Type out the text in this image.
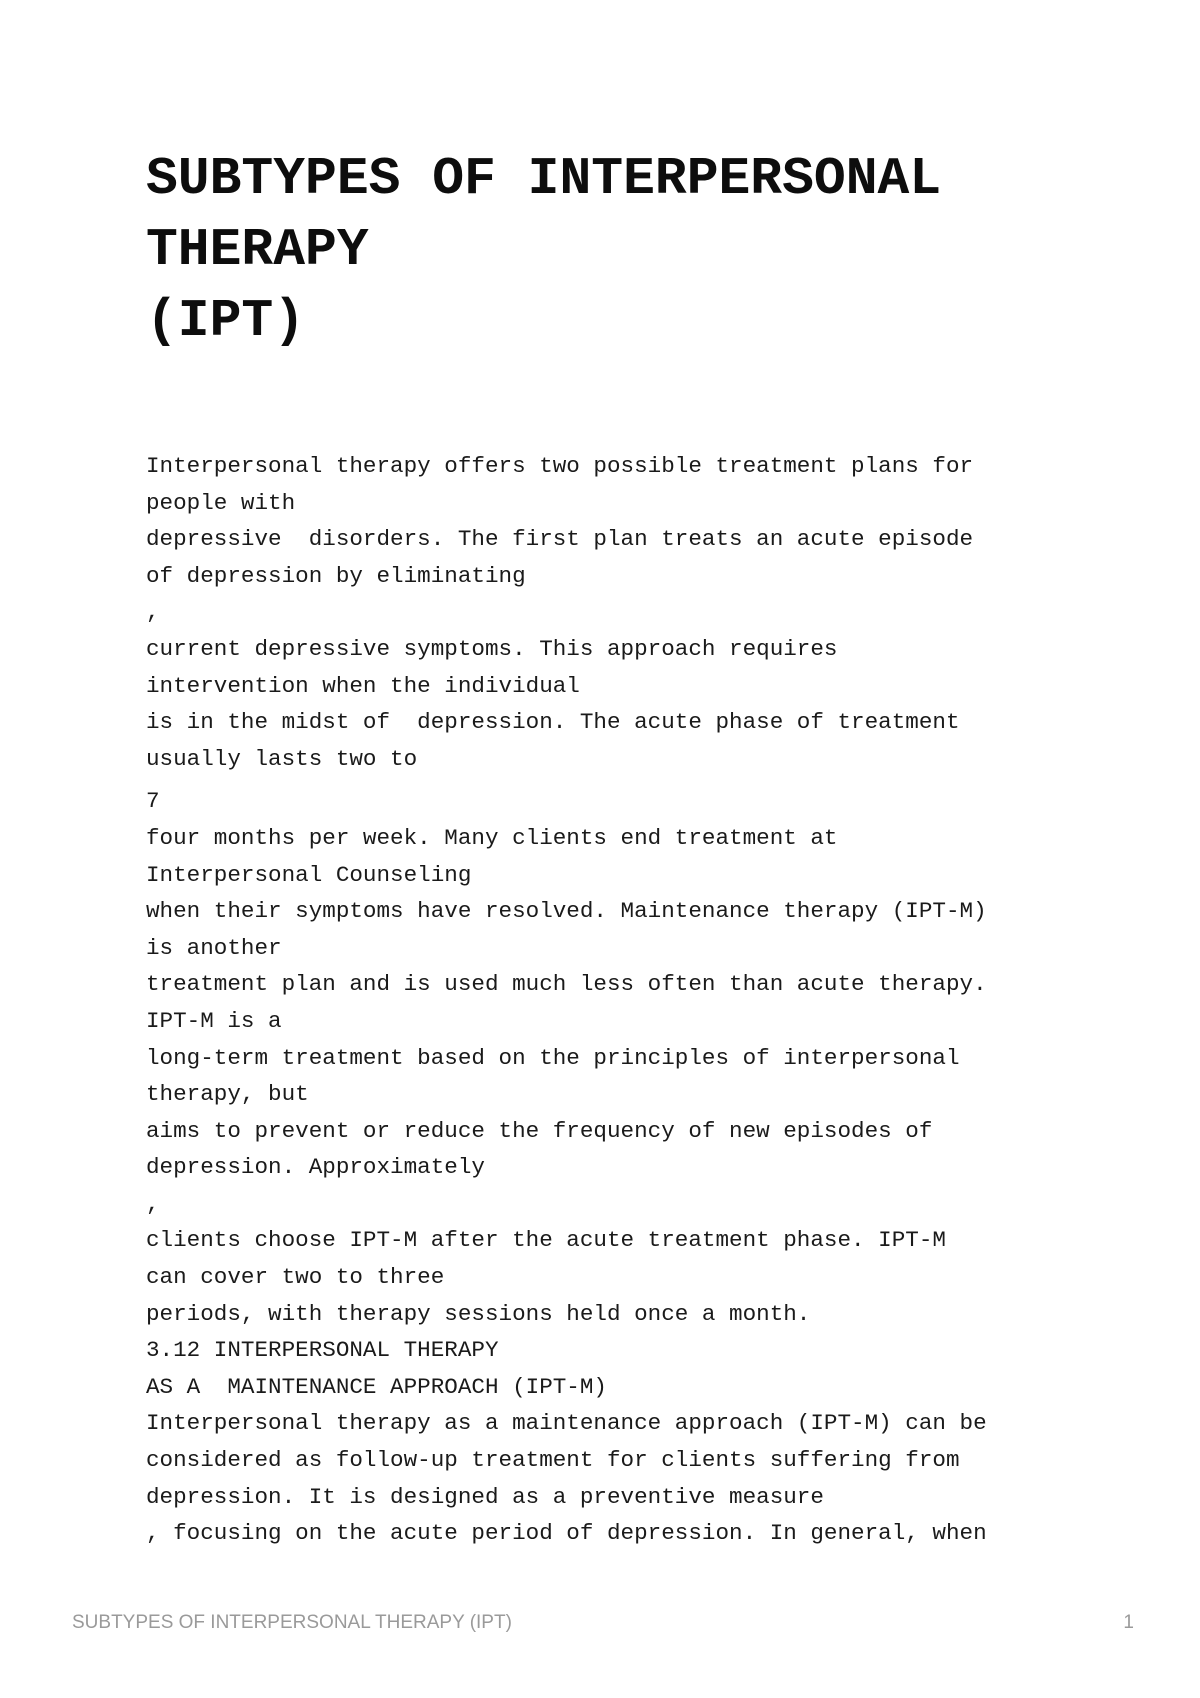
SUBTYPES OF INTERPERSONAL
THERAPY
(IPT)
Interpersonal therapy offers two possible treatment plans for
people with
depressive  disorders. The first plan treats an acute episode
of depression by eliminating
,
current depressive symptoms. This approach requires
intervention when the individual
is in the midst of  depression. The acute phase of treatment
usually lasts two to
7
four months per week. Many clients end treatment at
Interpersonal Counseling
when their symptoms have resolved. Maintenance therapy (IPT-M)
is another
treatment plan and is used much less often than acute therapy.
IPT-M is a
long-term treatment based on the principles of interpersonal
therapy, but
aims to prevent or reduce the frequency of new episodes of
depression. Approximately
,
clients choose IPT-M after the acute treatment phase. IPT-M
can cover two to three
periods, with therapy sessions held once a month.
3.12 INTERPERSONAL THERAPY
AS A  MAINTENANCE APPROACH (IPT-M)
Interpersonal therapy as a maintenance approach (IPT-M) can be
considered as follow-up treatment for clients suffering from
depression. It is designed as a preventive measure
, focusing on the acute period of depression. In general, when
SUBTYPES OF INTERPERSONAL THERAPY (IPT)	1
